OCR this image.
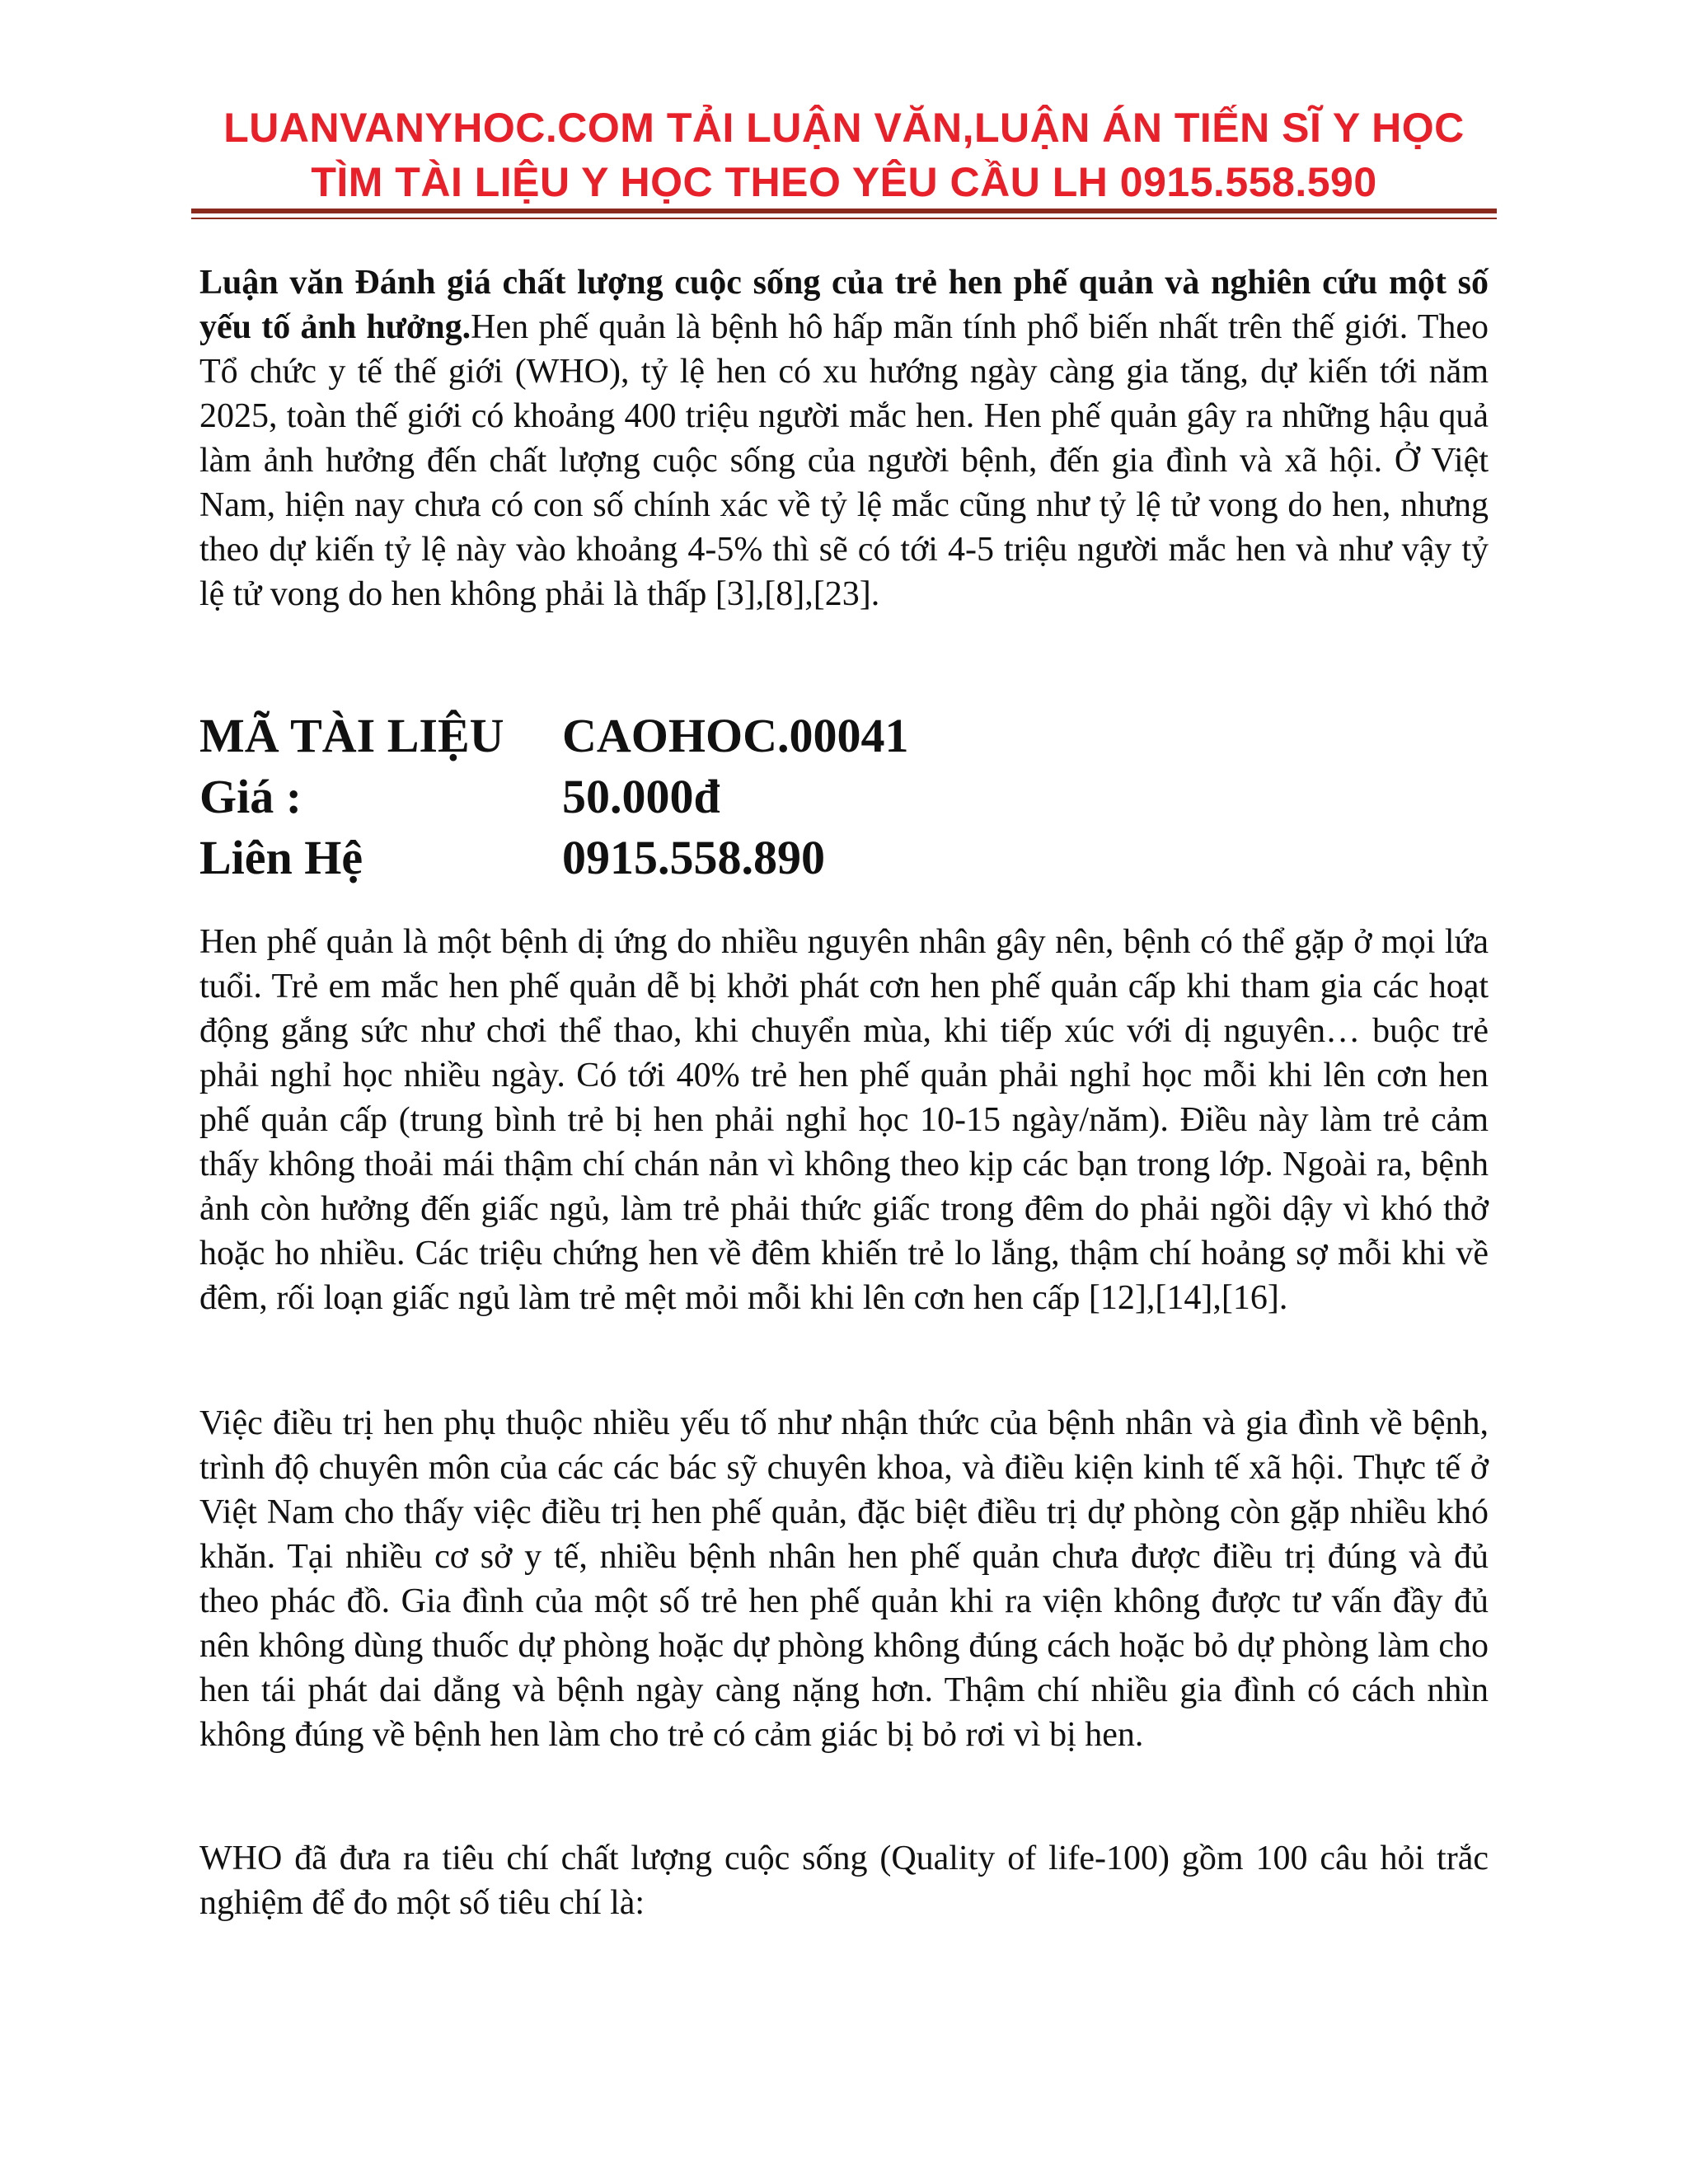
LUANVANYHOC.COM TẢI LUẬN VĂN,LUẬN ÁN TIẾN SĨ Y HỌC
TÌM TÀI LIỆU Y HỌC THEO YÊU CẦU LH 0915.558.590
Luận văn Đánh giá chất lượng cuộc sống của trẻ hen phế quản và nghiên cứu một số yếu tố ảnh hưởng.Hen phế quản là bệnh hô hấp mãn tính phổ biến nhất trên thế giới. Theo Tổ chức y tế thế giới (WHO), tỷ lệ hen có xu hướng ngày càng gia tăng, dự kiến tới năm 2025, toàn thế giới có khoảng 400 triệu người mắc hen. Hen phế quản gây ra những hậu quả làm ảnh hưởng đến chất lượng cuộc sống của người bệnh, đến gia đình và xã hội. Ở Việt Nam, hiện nay chưa có con số chính xác về tỷ lệ mắc cũng như tỷ lệ tử vong do hen, nhưng theo dự kiến tỷ lệ này vào khoảng 4-5% thì sẽ có tới 4-5 triệu người mắc hen và như vậy tỷ lệ tử vong do hen không phải là thấp [3],[8],[23].
MÃ TÀI LIỆU CAOHOC.00041
Giá :	50.000đ
Liên Hệ	0915.558.890
Hen phế quản là một bệnh dị ứng do nhiều nguyên nhân gây nên, bệnh có thể gặp ở mọi lứa tuổi. Trẻ em mắc hen phế quản dễ bị khởi phát cơn hen phế quản cấp khi tham gia các hoạt động gắng sức như chơi thể thao, khi chuyển mùa, khi tiếp xúc với dị nguyên… buộc trẻ phải nghỉ học nhiều ngày. Có tới 40% trẻ hen phế quản phải nghỉ học mỗi khi lên cơn hen phế quản cấp (trung bình trẻ bị hen phải nghỉ học 10-15 ngày/năm). Điều này làm trẻ cảm thấy không thoải mái thậm chí chán nản vì không theo kịp các bạn trong lớp. Ngoài ra, bệnh ảnh còn hưởng đến giấc ngủ, làm trẻ phải thức giấc trong đêm do phải ngồi dậy vì khó thở hoặc ho nhiều. Các triệu chứng hen về đêm khiến trẻ lo lắng, thậm chí hoảng sợ mỗi khi về đêm, rối loạn giấc ngủ làm trẻ mệt mỏi mỗi khi lên cơn hen cấp [12],[14],[16].
Việc điều trị hen phụ thuộc nhiều yếu tố như nhận thức của bệnh nhân và gia đình về bệnh, trình độ chuyên môn của các các bác sỹ chuyên khoa, và điều kiện kinh tế xã hội. Thực tế ở Việt Nam cho thấy việc điều trị hen phế quản, đặc biệt điều trị dự phòng còn gặp nhiều khó khăn. Tại nhiều cơ sở y tế, nhiều bệnh nhân hen phế quản chưa được điều trị đúng và đủ theo phác đồ. Gia đình của một số trẻ hen phế quản khi ra viện không được tư vấn đầy đủ nên không dùng thuốc dự phòng hoặc dự phòng không đúng cách hoặc bỏ dự phòng làm cho hen tái phát dai dẳng và bệnh ngày càng nặng hơn. Thậm chí nhiều gia đình có cách nhìn không đúng về bệnh hen làm cho trẻ có cảm giác bị bỏ rơi vì bị hen.
WHO đã đưa ra tiêu chí chất lượng cuộc sống (Quality of life-100) gồm 100 câu hỏi trắc nghiệm để đo một số tiêu chí là:
